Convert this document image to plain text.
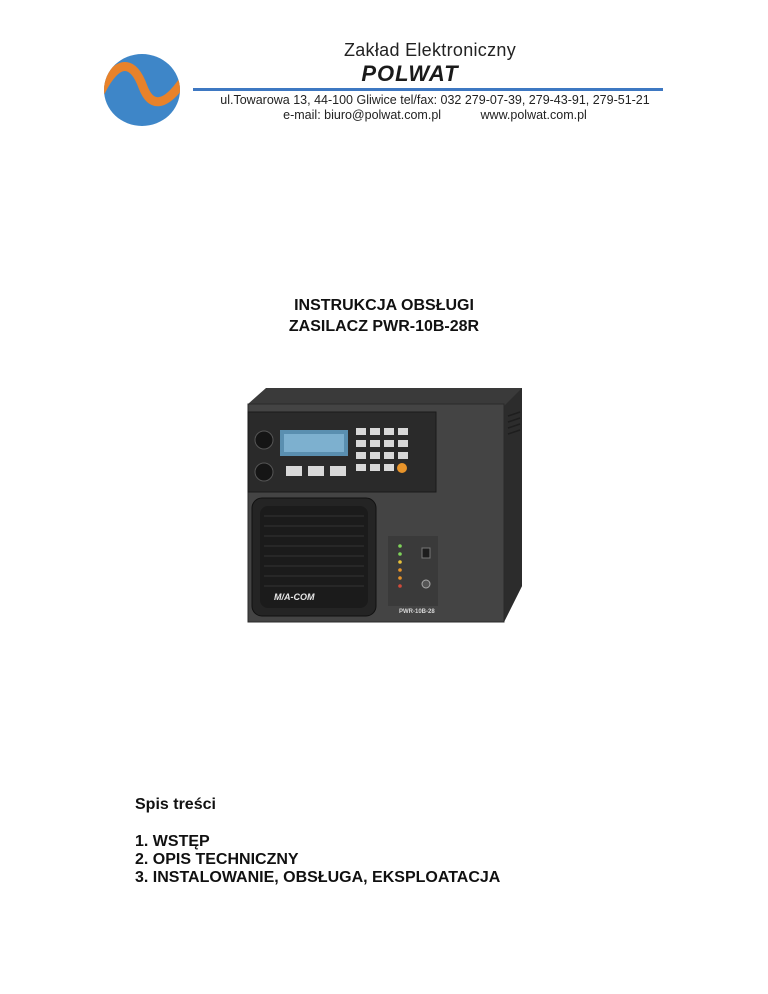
Zakład Elektroniczny
POLWAT
ul.Towarowa 13, 44-100 Gliwice tel/fax: 032 279-07-39, 279-43-91, 279-51-21
e-mail: biuro@polwat.com.pl	www.polwat.com.pl
INSTRUKCJA OBSŁUGI
ZASILACZ PWR-10B-28R
M/A-COM
PWR-10B-28
Spis treści
1. WSTĘP
2. OPIS TECHNICZNY
3. INSTALOWANIE, OBSŁUGA, EKSPLOATACJA
